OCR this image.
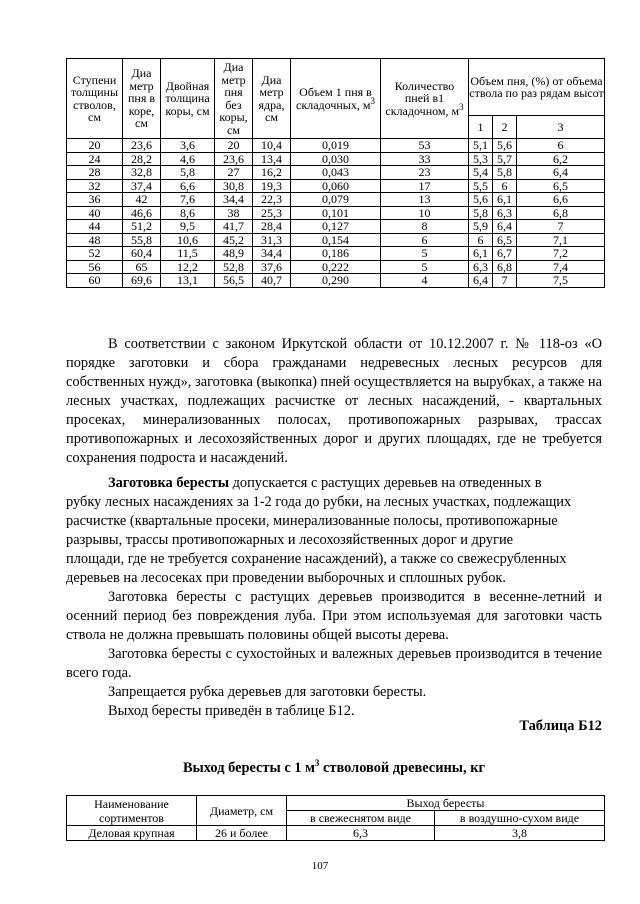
Ступени толщины стволов, см	Диа метр пня в коре, см	Двойная толщина коры, см	Диа метр пня без коры, см	Диа метр ядра, см	Объем 1 пня в складочных, $м^3$	Количество пней в1 складочном, $м^3$	Объем пня, (%) от объема ствола по раз рядам высот		
							1	2	3
20	23,6	3,6	20	10,4	0,019	53	5,1	5,6	6
24	28,2	4,6	23,6	13,4	0,030	33	5,3	5,7	6,2
28	32,8	5,8	27	16,2	0,043	23	5,4	5,8	6,4
32	37,4	6,6	30,8	19,3	0,060	17	5,5	6	6,5
36	42	7,6	34,4	22,3	0,079	13	5,6	6,1	6,6
40	46,6	8,6	38	25,3	0,101	10	5,8	6,3	6,8
44	51,2	9,5	41,7	28,4	0,127	8	5,9	6,4	7
48	55,8	10,6	45,2	31,3	0,154	6	6	6,5	7,1
52	60,4	11,5	48,9	34,4	0,186	5	6,1	6,7	7,2
56	65	12,2	52,8	37,6	0,222	5	6,3	6,8	7,4
60	69,6	13,1	56,5	40,7	0,290	4	6,4	7	7,5

В соответствии с законом Иркутской области от 10.12.2007 г. № 118-оз «О порядке заготовки и сбора гражданами недревесных лесных ресурсов для собственных нужд», заготовка (выкопка) пней осуществляется на вырубках, а также на лесных участках, подлежащих расчистке от лесных насаждений, - квартальных просеках, минерализованных полосах, противопожарных разрывах, трассах противопожарных и лесохозяйственных дорог и других площадях, где не требуется сохранения подроста и насаждений.

Заготовка бересты допускается с растущих деревьев на отведенных в

рубку лесных насаждениях за 1-2 года до рубки, на лесных участках, подлежащих

расчистке (квартальные просеки, минерализованные полосы, противопожарные

разрывы, трассы противопожарных и лесохозяйственных дорог и другие

площади, где не требуется сохранение насаждений), а также со свежесрубленных

деревьев на лесосеках при проведении выборочных и сплошных рубок.

Заготовка бересты с растущих деревьев производится в весенне-летний и осенний период без повреждения луба. При этом используемая для заготовки часть ствола не должна превышать половины общей высоты дерева.

Заготовка бересты с сухостойных и валежных деревьев производится в течение всего года.

Запрещается рубка деревьев для заготовки бересты.

Выход бересты приведён в таблице Б12.

Таблица Б12
Выход бересты с 1 $м^3$ стволовой древесины, кг
Наименование сортиментов	Диаметр, см	Выход бересты	
		в свежеснятом виде	в воздушно-сухом виде
Деловая крупная	26 и более	6,3	3,8
107
